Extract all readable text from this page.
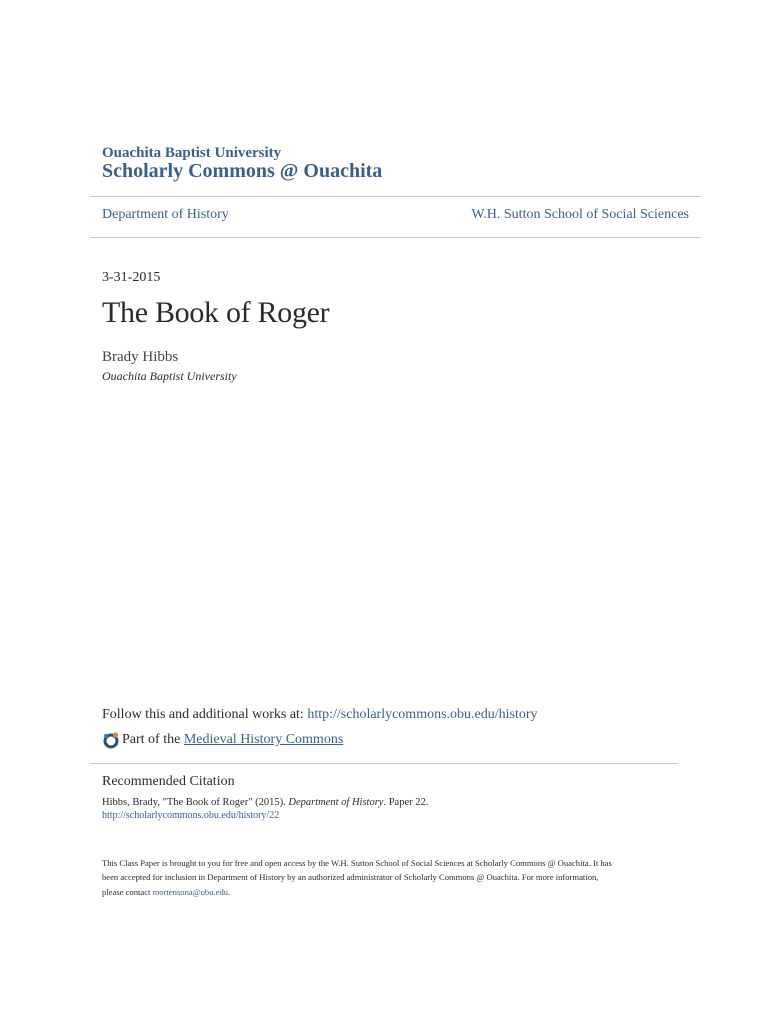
Ouachita Baptist University
Scholarly Commons @ Ouachita
Department of History	W.H. Sutton School of Social Sciences
3-31-2015
The Book of Roger
Brady Hibbs
Ouachita Baptist University
Follow this and additional works at: http://scholarlycommons.obu.edu/history
Part of the
Medieval History Commons
Recommended Citation
Hibbs, Brady, "The Book of Roger" (2015). Department of History. Paper 22.
http://scholarlycommons.obu.edu/history/22
This Class Paper is brought to you for free and open access by the W.H. Sutton School of Social Sciences at Scholarly Commons @ Ouachita. It has
been accepted for inclusion in Department of History by an authorized administrator of Scholarly Commons @ Ouachita. For more information,
please contact mortensona@obu.edu.
